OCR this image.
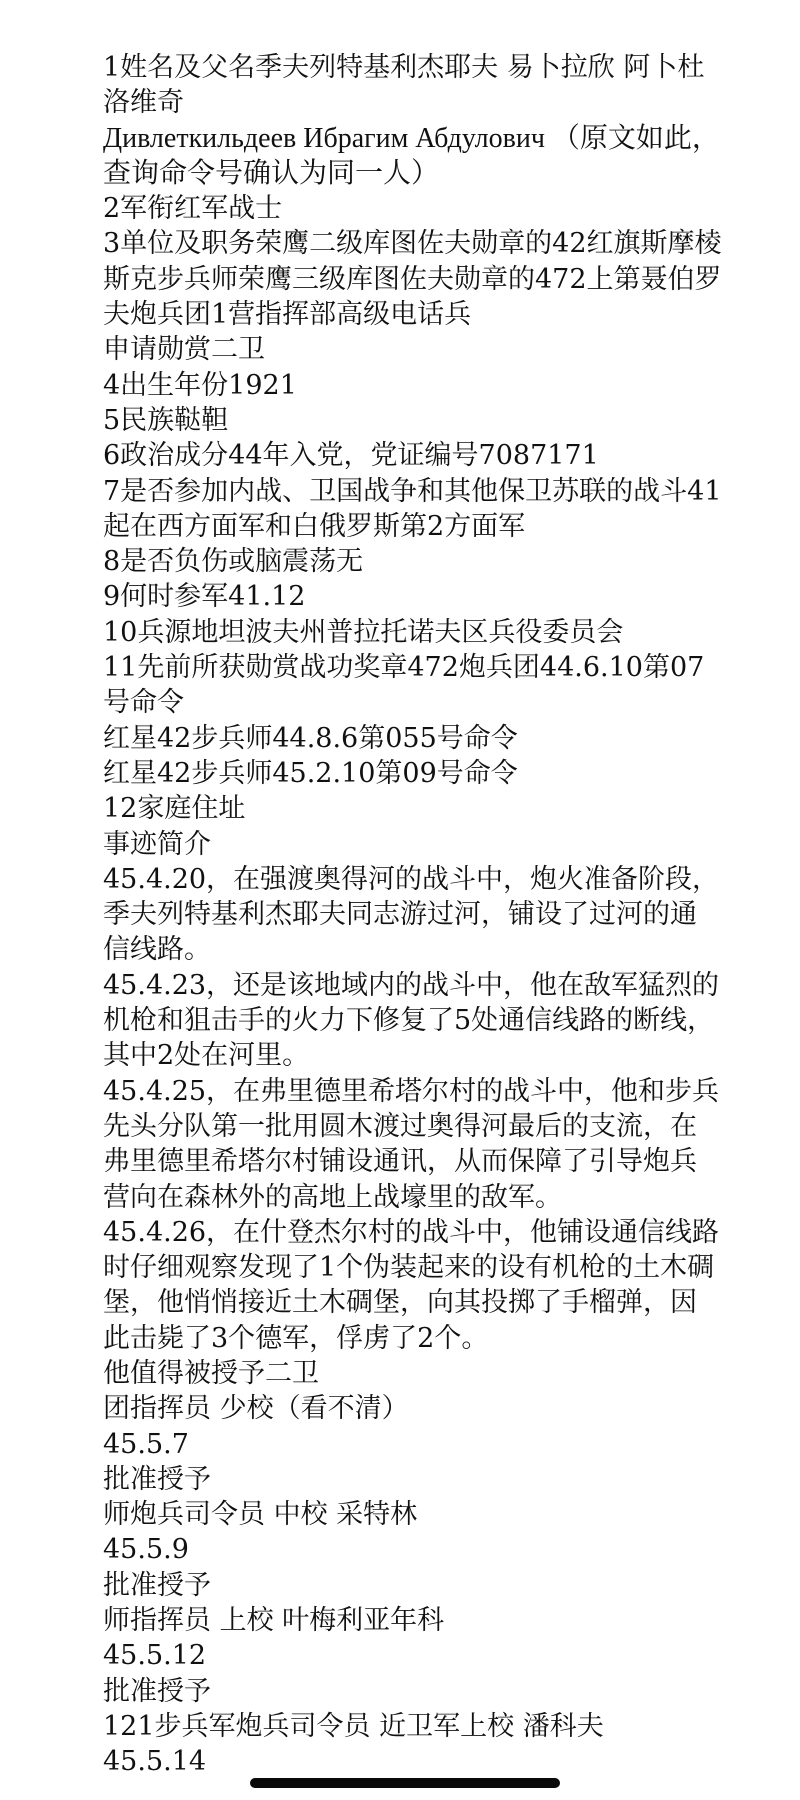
1姓名及父名季夫列特基利杰耶夫 易卜拉欣 阿卜杜洛维奇

Дивлеткильдеев Ибрагим Абдулович （原文如此，查询命令号确认为同一人）

2军衔红军战士

3单位及职务荣鹰二级库图佐夫勋章的42红旗斯摩棱斯克步兵师荣鹰三级库图佐夫勋章的472上第聂伯罗夫炮兵团1营指挥部高级电话兵

申请勋赏二卫

4出生年份1921

5民族鞑靼

6政治成分44年入党，党证编号7087171

7是否参加内战、卫国战争和其他保卫苏联的战斗41起在西方面军和白俄罗斯第2方面军

8是否负伤或脑震荡无

9何时参军41.12

10兵源地坦波夫州普拉托诺夫区兵役委员会

11先前所获勋赏战功奖章472炮兵团44.6.10第07号命令

红星42步兵师44.8.6第055号命令

红星42步兵师45.2.10第09号命令

12家庭住址

事迹简介

45.4.20，在强渡奥得河的战斗中，炮火准备阶段，季夫列特基利杰耶夫同志游过河，铺设了过河的通信线路。

45.4.23，还是该地域内的战斗中，他在敌军猛烈的机枪和狙击手的火力下修复了5处通信线路的断线，其中2处在河里。

45.4.25，在弗里德里希塔尔村的战斗中，他和步兵先头分队第一批用圆木渡过奥得河最后的支流，在弗里德里希塔尔村铺设通讯，从而保障了引导炮兵营向在森林外的高地上战壕里的敌军。

45.4.26，在什登杰尔村的战斗中，他铺设通信线路时仔细观察发现了1个伪装起来的设有机枪的土木碉堡，他悄悄接近土木碉堡，向其投掷了手榴弹，因此击毙了3个德军，俘虏了2个。

他值得被授予二卫

团指挥员 少校（看不清）

45.5.7

批准授予

师炮兵司令员 中校 采特林

45.5.9

批准授予

师指挥员 上校 叶梅利亚年科

45.5.12

批准授予

121步兵军炮兵司令员 近卫军上校 潘科夫

45.5.14
